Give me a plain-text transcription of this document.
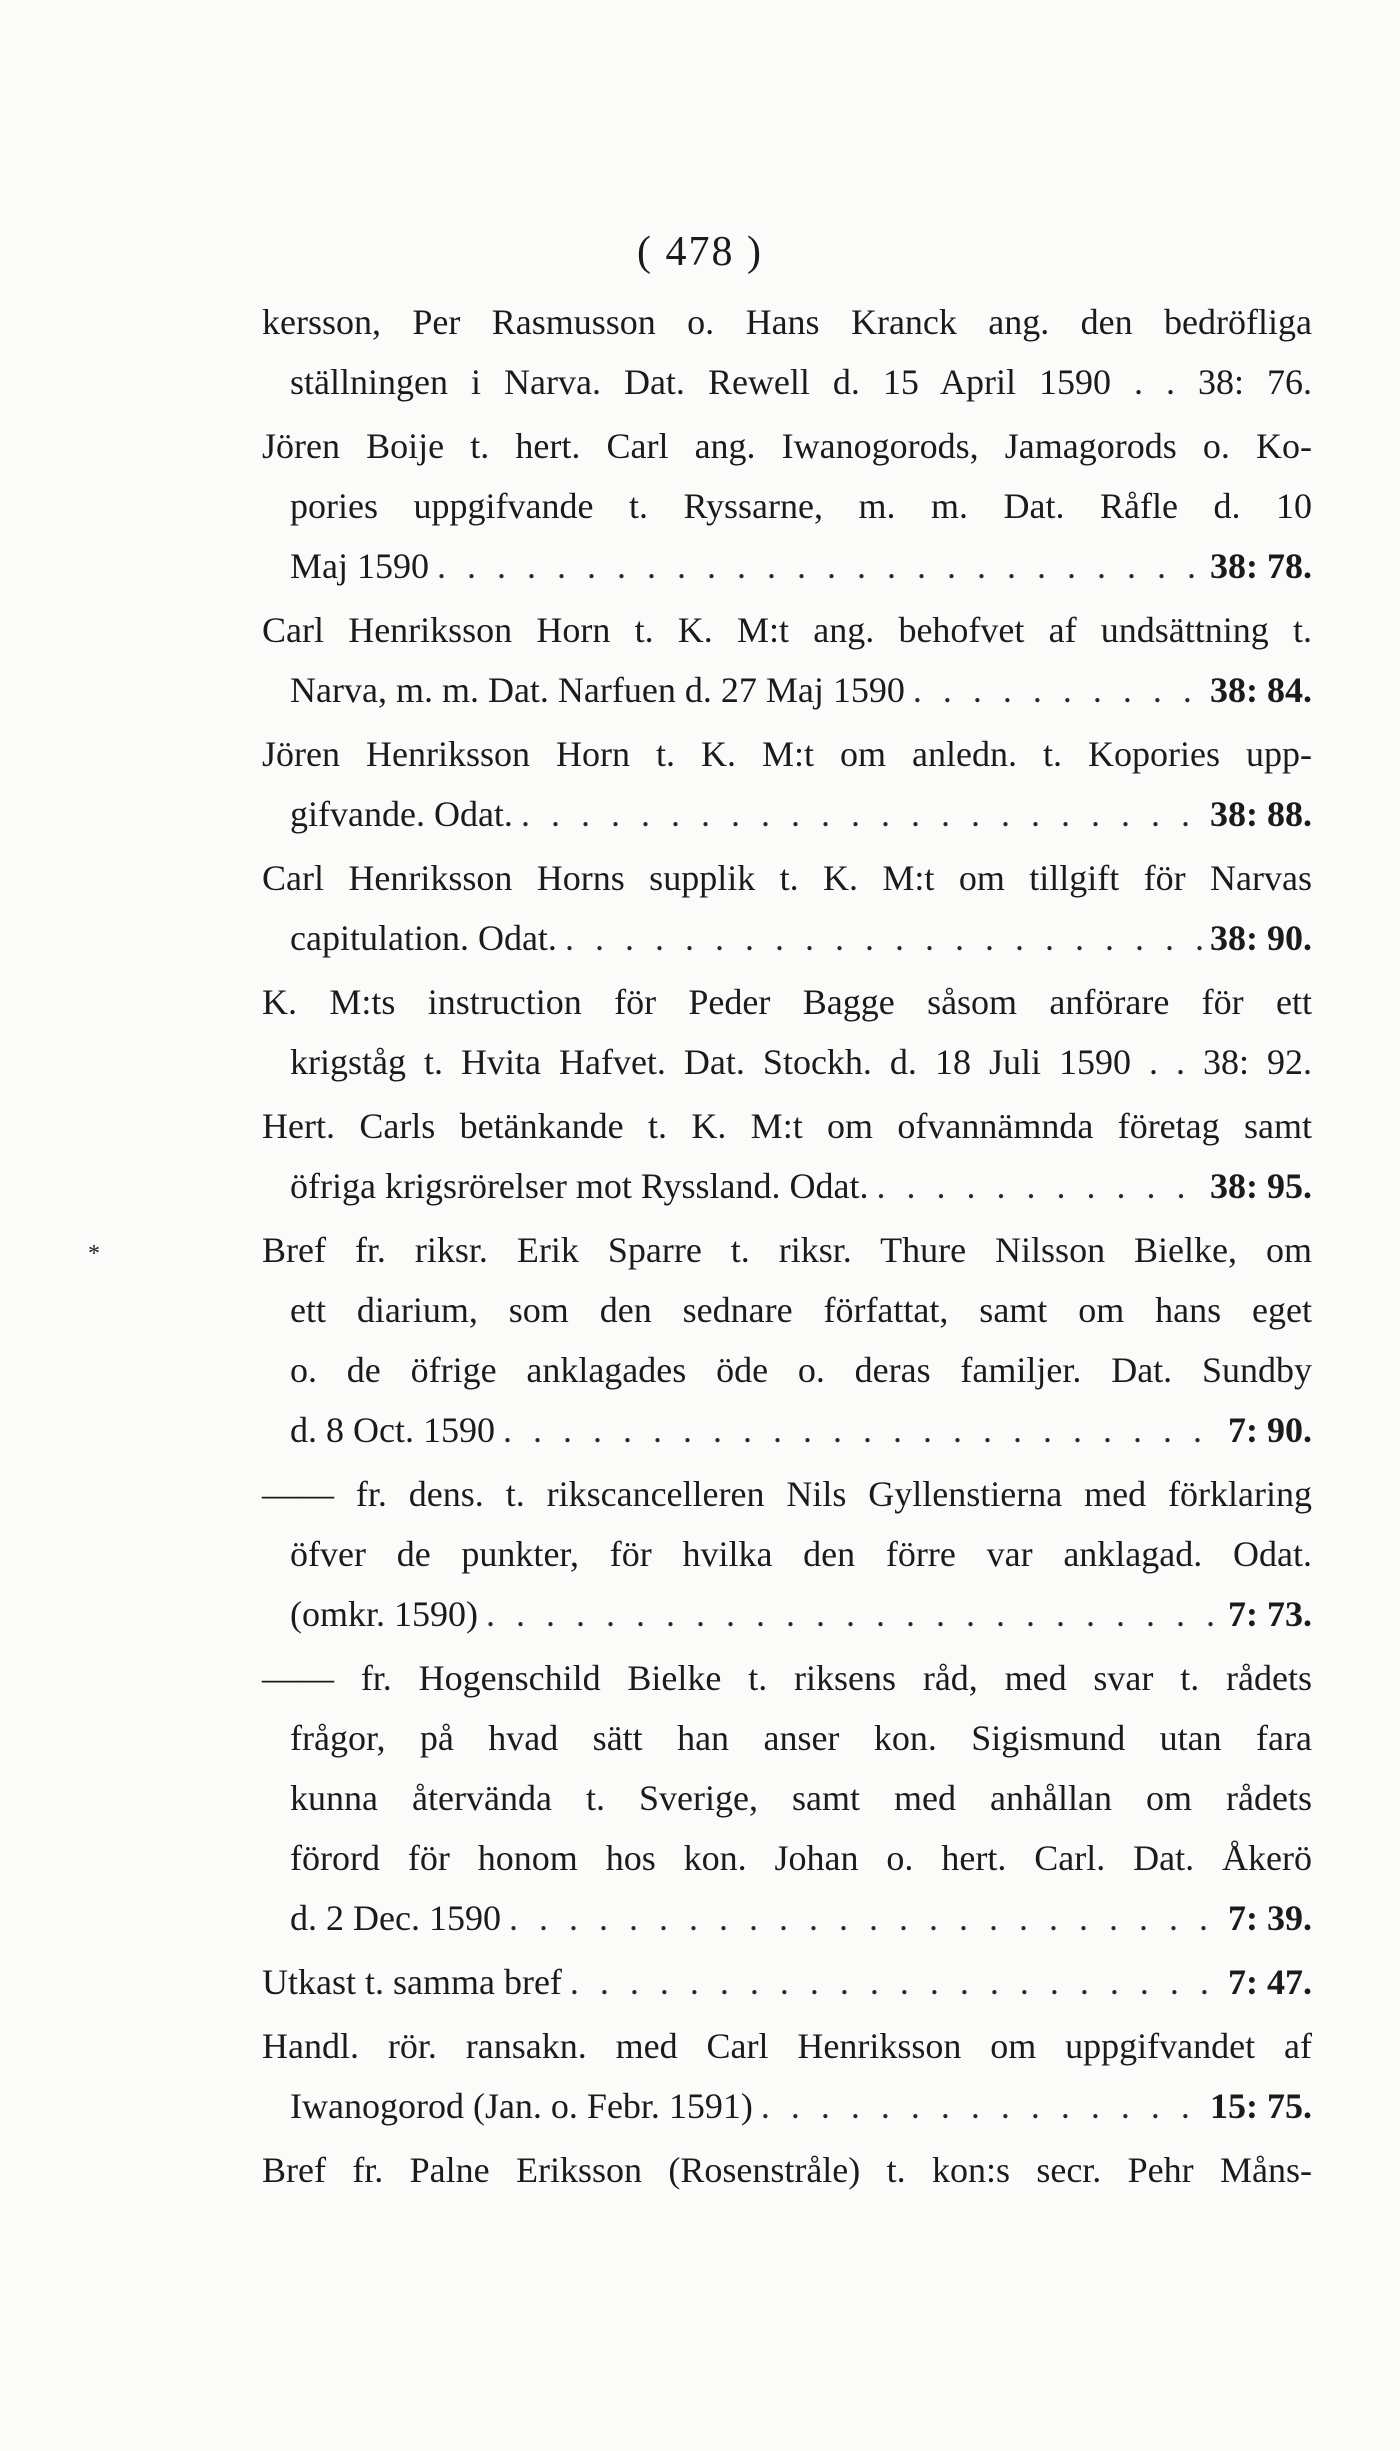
( 478 )
*
kersson, Per Rasmusson o. Hans Kranck ang. den bedröfliga
ställningen i Narva. Dat. Rewell d. 15 April 1590 . . 38: 76.
Jören Boije t. hert. Carl ang. Iwanogorods, Jamagorods o. Ko-
pories uppgifvande t. Ryssarne, m. m. Dat. Råfle d. 10
Maj 1590 . . .	38: 78.
Carl Henriksson Horn t. K. M:t ang. behofvet af undsättning t.
Narva, m. m. Dat. Narfuen d. 27 Maj 1590 . . .	38: 84.
Jören Henriksson Horn t. K. M:t om anledn. t. Kopories upp-
gifvande. Odat. . . .	38: 88.
Carl Henriksson Horns supplik t. K. M:t om tillgift för Narvas
capitulation. Odat. . . .	38: 90.
K. M:ts instruction för Peder Bagge såsom anförare för ett
krigståg t. Hvita Hafvet. Dat. Stockh. d. 18 Juli 1590 . . 38: 92.
Hert. Carls betänkande t. K. M:t om ofvannämnda företag samt
öfriga krigsrörelser mot Ryssland. Odat. . . .	38: 95.
Bref fr. riksr. Erik Sparre t. riksr. Thure Nilsson Bielke, om
ett diarium, som den sednare författat, samt om hans eget
o. de öfrige anklagades öde o. deras familjer. Dat. Sundby
d. 8 Oct. 1590 . . .	7: 90.
—— fr. dens. t. rikscancelleren Nils Gyllenstierna med förklaring
öfver de punkter, för hvilka den förre var anklagad. Odat.
(omkr. 1590) . . .	7: 73.
—— fr. Hogenschild Bielke t. riksens råd, med svar t. rådets
frågor, på hvad sätt han anser kon. Sigismund utan fara
kunna återvända t. Sverige, samt med anhållan om rådets
förord för honom hos kon. Johan o. hert. Carl. Dat. Åkerö
d. 2 Dec. 1590 . . .	7: 39.
Utkast t. samma bref . . .	7: 47.
Handl. rör. ransakn. med Carl Henriksson om uppgifvandet af
Iwanogorod (Jan. o. Febr. 1591) . . .	15: 75.
Bref fr. Palne Eriksson (Rosenstråle) t. kon:s secr. Pehr Måns-
